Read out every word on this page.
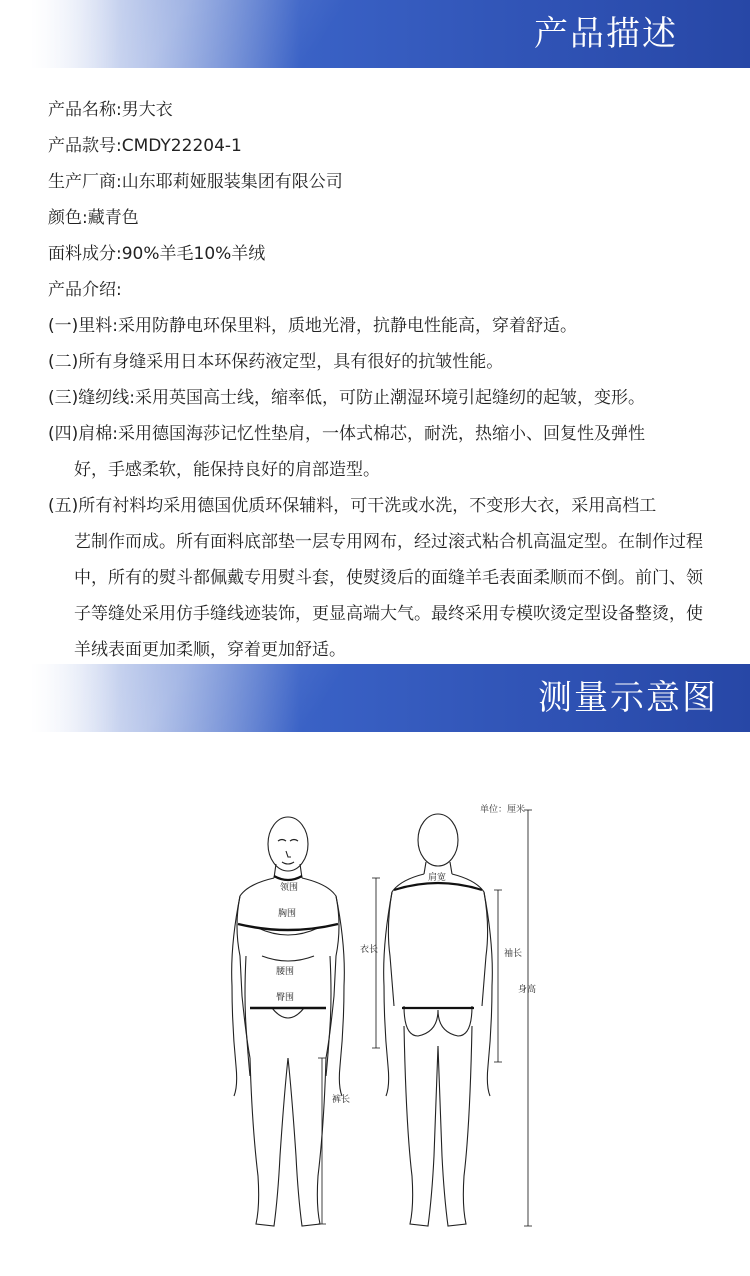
产品描述
产品名称:男大衣
产品款号:CMDY22204-1
生产厂商:山东耶莉娅服装集团有限公司
颜色:藏青色
面料成分:90%羊毛10%羊绒
产品介绍:
(一)里料:采用防静电环保里料，质地光滑，抗静电性能高，穿着舒适。
(二)所有身缝采用日本环保药液定型，具有很好的抗皱性能。
(三)缝纫线:采用英国高士线，缩率低，可防止潮湿环境引起缝纫的起皱，变形。
(四)肩棉:采用德国海莎记忆性垫肩，一体式棉芯，耐洗，热缩小、回复性及弹性
好，手感柔软，能保持良好的肩部造型。
(五)所有衬料均采用德国优质环保辅料，可干洗或水洗，不变形大衣，采用高档工
艺制作而成。所有面料底部垫一层专用网布，经过滚式粘合机高温定型。在制作过程中，所有的熨斗都佩戴专用熨斗套，使熨烫后的面缝羊毛表面柔顺而不倒。前门、领子等缝处采用仿手缝线迹装饰，更显高端大气。最终采用专模吹烫定型设备整烫，使羊绒表面更加柔顺，穿着更加舒适。
测量示意图
单位：厘米
领围
胸围
腰围
臀围
裤长
肩宽
衣长	袖长
身高
